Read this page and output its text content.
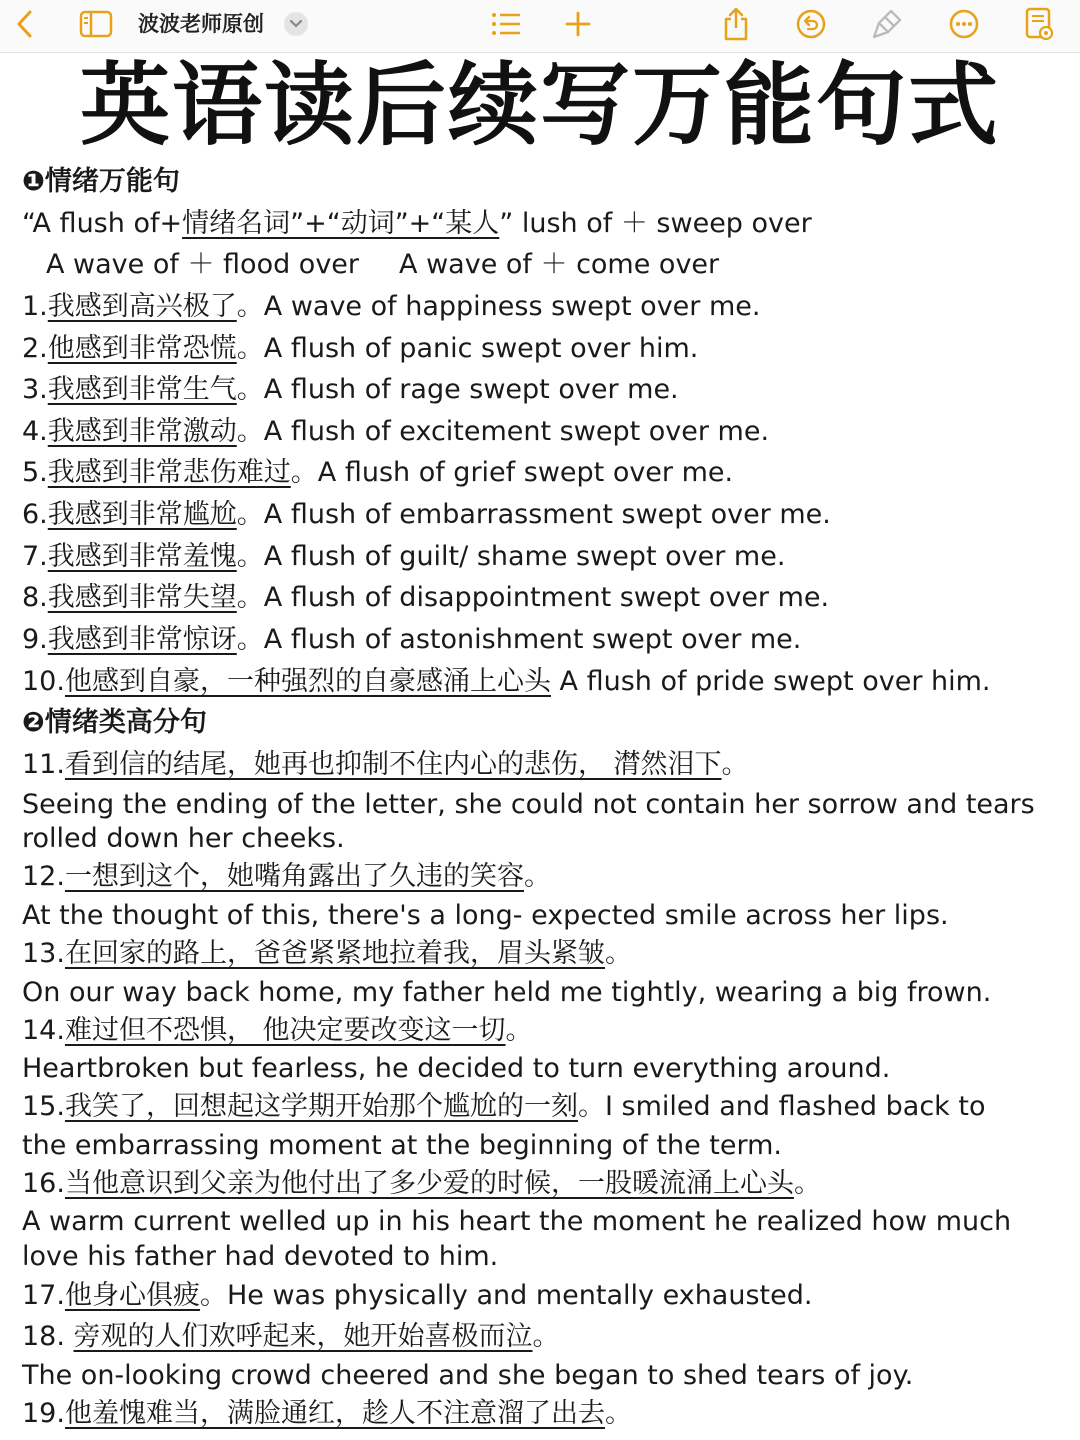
波波老师原创
英语读后续写万能句式
❶情绪万能句
“A flush of+情绪名词”+“动词”+“某人” lush of ＋ sweep over
A wave of ＋ flood over A wave of ＋ come over
1.我感到高兴极了。A wave of happiness swept over me.
2.他感到非常恐慌。A flush of panic swept over him.
3.我感到非常生气。A flush of rage swept over me.
4.我感到非常激动。A flush of excitement swept over me.
5.我感到非常悲伤难过。A flush of grief swept over me.
6.我感到非常尴尬。A flush of embarrassment swept over me.
7.我感到非常羞愧。A flush of guilt/ shame swept over me.
8.我感到非常失望。A flush of disappointment swept over me.
9.我感到非常惊讶。A flush of astonishment swept over me.
10.他感到自豪，一种强烈的自豪感涌上心头 A flush of pride swept over him.
❷情绪类高分句
11.看到信的结尾，她再也抑制不住内心的悲伤， 潸然泪下。
Seeing the ending of the letter, she could not contain her sorrow and tears
rolled down her cheeks.
12.一想到这个，她嘴角露出了久违的笑容。
At the thought of this, there's a long- expected smile across her lips.
13.在回家的路上，爸爸紧紧地拉着我，眉头紧皱。
On our way back home, my father held me tightly, wearing a big frown.
14.难过但不恐惧， 他决定要改变这一切。
Heartbroken but fearless, he decided to turn everything around.
15.我笑了，回想起这学期开始那个尴尬的一刻。I smiled and flashed back to
the embarrassing moment at the beginning of the term.
16.当他意识到父亲为他付出了多少爱的时候，一股暖流涌上心头。
A warm current welled up in his heart the moment he realized how much
love his father had devoted to him.
17.他身心俱疲。He was physically and mentally exhausted.
18. 旁观的人们欢呼起来，她开始喜极而泣。
The on-looking crowd cheered and she began to shed tears of joy.
19.他羞愧难当，满脸通红，趁人不注意溜了出去。
